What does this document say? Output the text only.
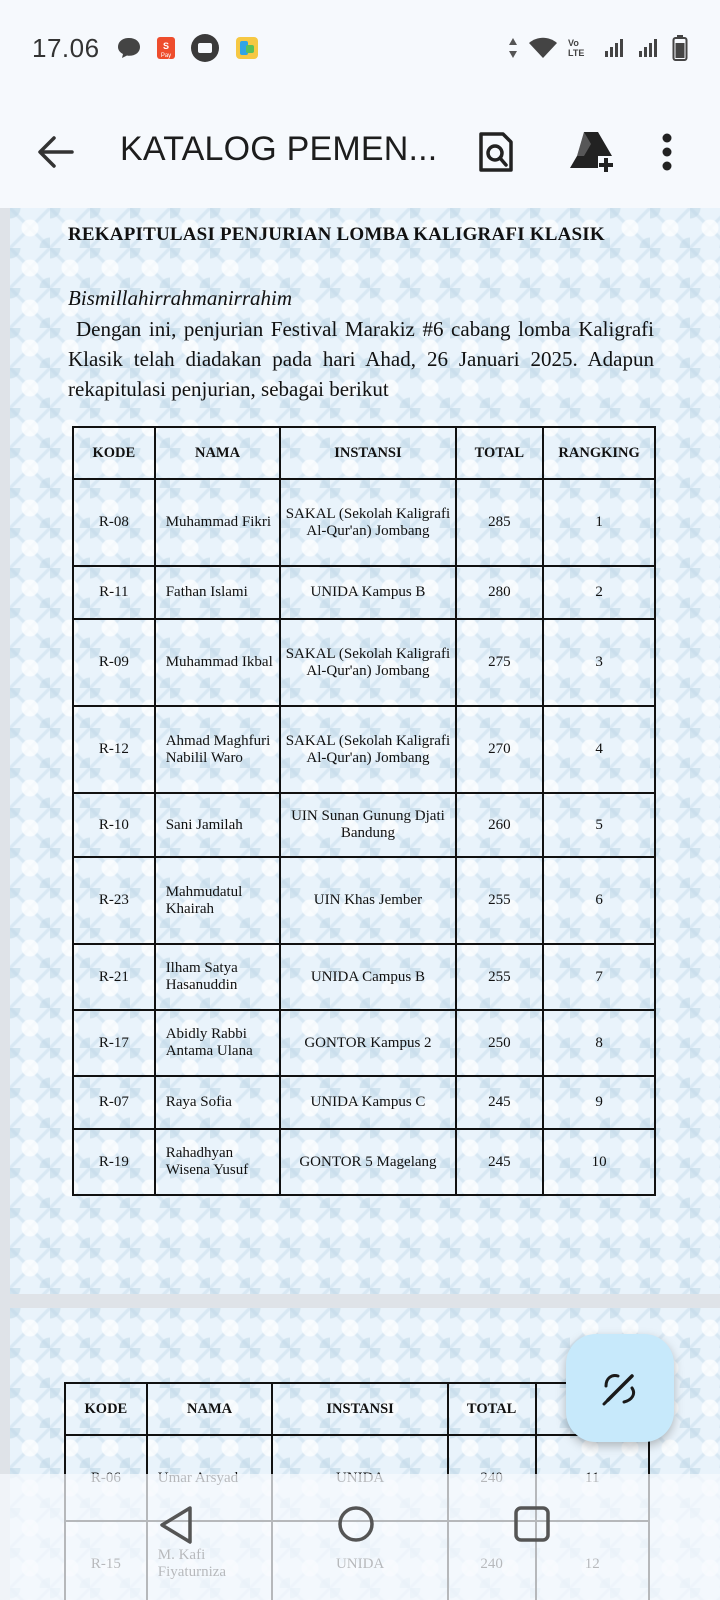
17.06	S
Pay
Vo LTE
KATALOG PEMEN...
REKAPITULASI PENJURIAN LOMBA KALIGRAFI KLASIK
Bismillahirrahmanirrahim
Dengan ini, penjurian Festival Marakiz #6 cabang lomba Kaligrafi Klasik telah diadakan pada hari Ahad, 26 Januari 2025. Adapun rekapitulasi penjurian, sebagai berikut
KODE	NAMA	INSTANSI	TOTAL	RANGKING
R-08	Muhammad Fikri	SAKAL (Sekolah Kaligrafi Al-Qur'an) Jombang	285	1
R-11	Fathan Islami	UNIDA Kampus B	280	2
R-09	Muhammad Ikbal	SAKAL (Sekolah Kaligrafi Al-Qur'an) Jombang	275	3
R-12	Ahmad Maghfuri Nabilil Waro	SAKAL (Sekolah Kaligrafi Al-Qur'an) Jombang	270	4
R-10	Sani Jamilah	UIN Sunan Gunung Djati Bandung	260	5
R-23	Mahmudatul Khairah	UIN Khas Jember	255	6
R-21	Ilham Satya Hasanuddin	UNIDA Campus B	255	7
R-17	Abidly Rabbi Antama Ulana	GONTOR Kampus 2	250	8
R-07	Raya Sofia	UNIDA Kampus C	245	9
R-19	Rahadhyan Wisena Yusuf	GONTOR 5 Magelang	245	10
KODE	NAMA	INSTANSI	TOTAL	
